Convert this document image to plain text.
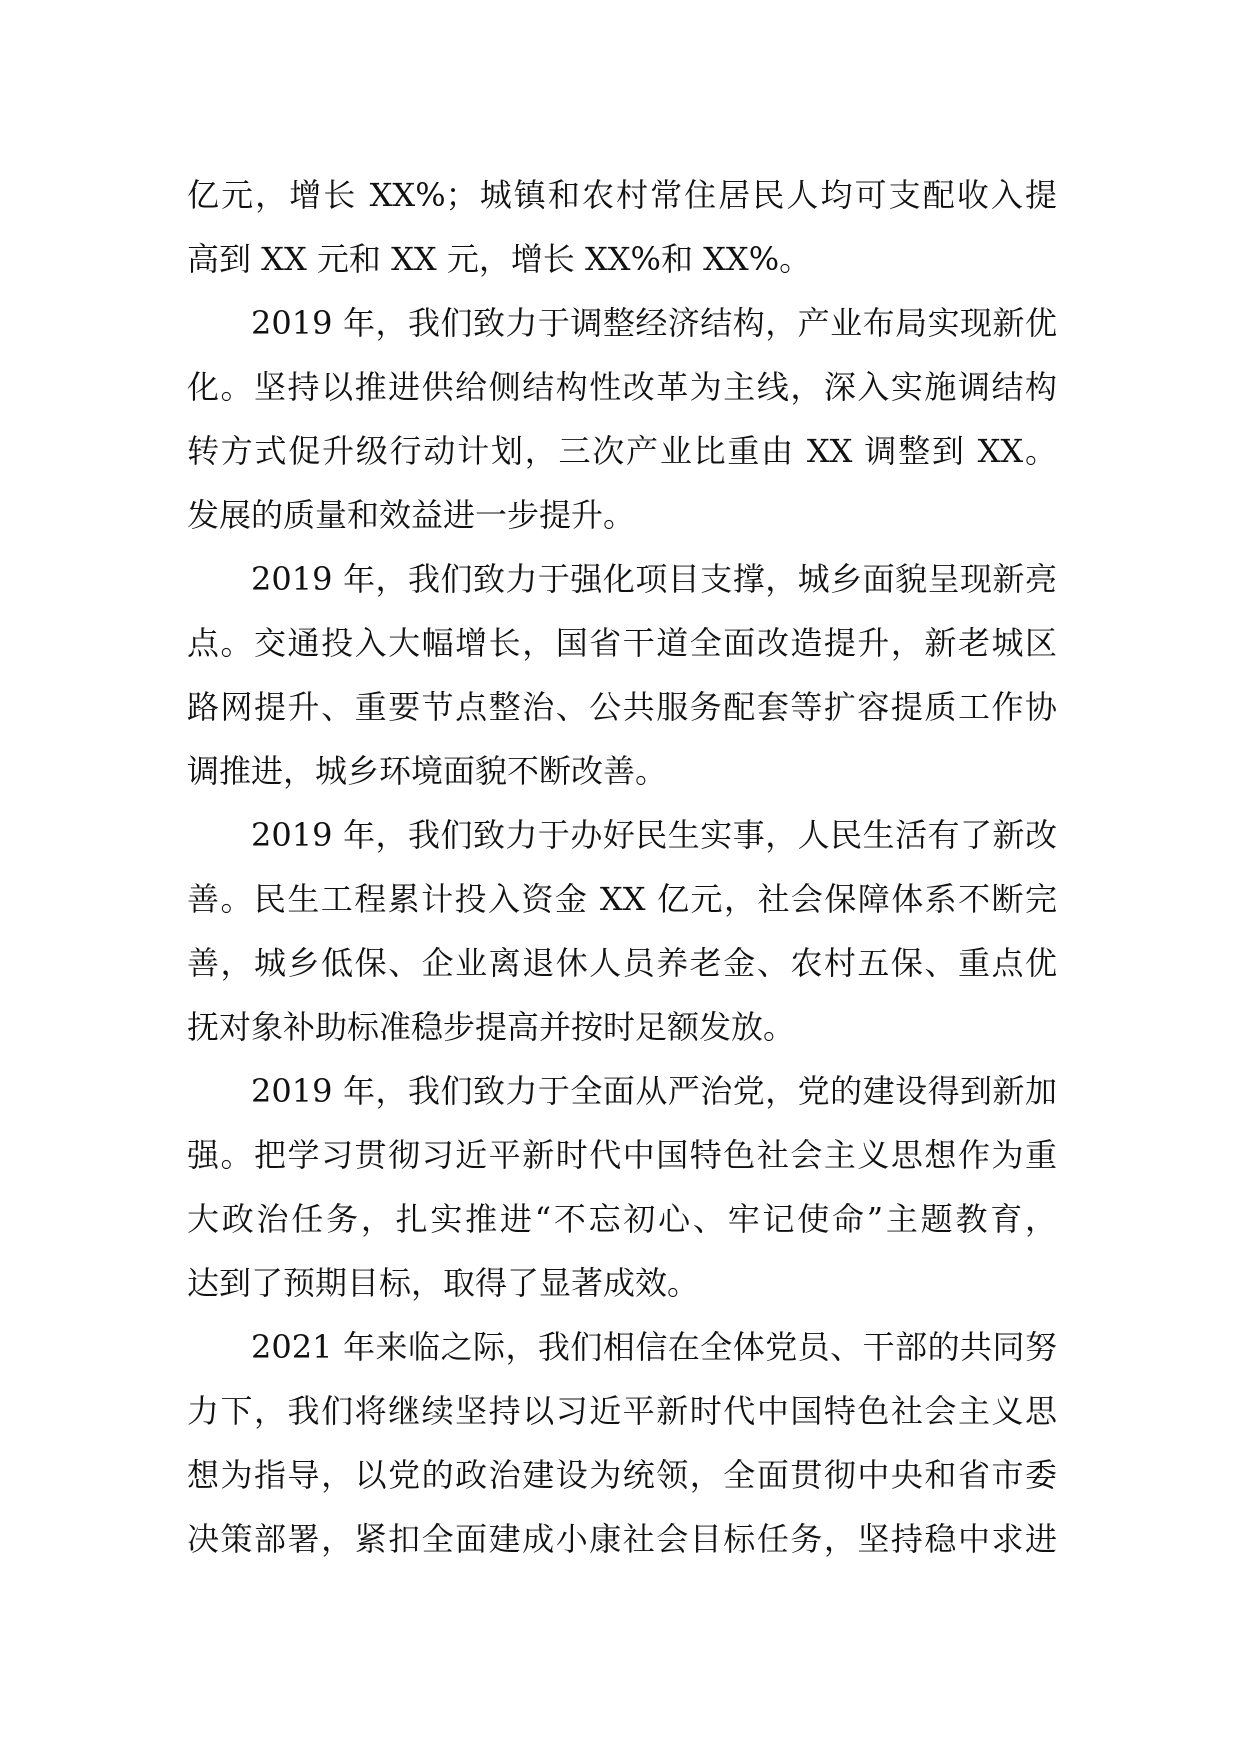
亿元，增长 XX%；城镇和农村常住居民人均可支配收入提
高到 XX 元和 XX 元，增长 XX%和 XX%。
2019 年，我们致力于调整经济结构，产业布局实现新优
化。坚持以推进供给侧结构性改革为主线，深入实施调结构
转方式促升级行动计划，三次产业比重由 XX 调整到 XX。
发展的质量和效益进一步提升。
2019 年，我们致力于强化项目支撑，城乡面貌呈现新亮
点。交通投入大幅增长，国省干道全面改造提升，新老城区
路网提升、重要节点整治、公共服务配套等扩容提质工作协
调推进，城乡环境面貌不断改善。
2019 年，我们致力于办好民生实事，人民生活有了新改
善。民生工程累计投入资金 XX 亿元，社会保障体系不断完
善，城乡低保、企业离退休人员养老金、农村五保、重点优
抚对象补助标准稳步提高并按时足额发放。
2019 年，我们致力于全面从严治党，党的建设得到新加
强。把学习贯彻习近平新时代中国特色社会主义思想作为重
大政治任务，扎实推进“不忘初心、牢记使命”主题教育，
达到了预期目标，取得了显著成效。
2021 年来临之际，我们相信在全体党员、干部的共同努
力下，我们将继续坚持以习近平新时代中国特色社会主义思
想为指导，以党的政治建设为统领，全面贯彻中央和省市委
决策部署，紧扣全面建成小康社会目标任务，坚持稳中求进
